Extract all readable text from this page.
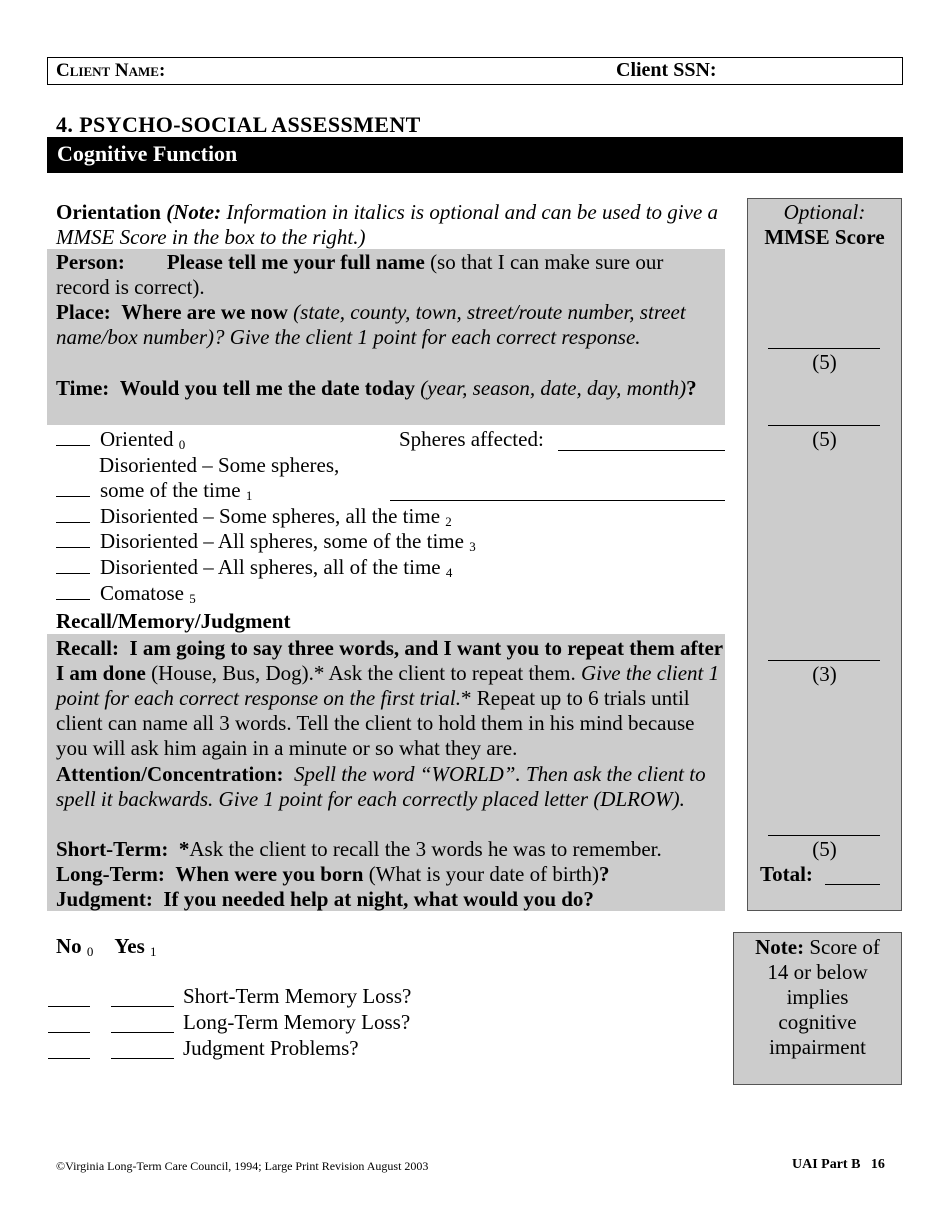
Client Name:	Client SSN:
4. PSYCHO-SOCIAL ASSESSMENT
Cognitive Function
Optional:
MMSE Score
(5)
(5)
(3)
(5)
Total:
Orientation (Note: Information in italics is optional and can be used to give a MMSE Score in the box to the right.)
Person: Please tell me your full name (so that I can make sure our record is correct).
Place: Where are we now (state, county, town, street/route number, street name/box number)? Give the client 1 point for each correct response.
Time: Would you tell me the date today (year, season, date, day, month)?
Oriented $_0$	Spheres affected:
Disoriented – Some spheres,
some of the time $_1$
Disoriented – Some spheres, all the time $_2$
Disoriented – All spheres, some of the time $_3$
Disoriented – All spheres, all of the time $_4$
Comatose $_5$
Recall/Memory/Judgment
Recall: I am going to say three words, and I want you to repeat them after I am done (House, Bus, Dog).* Ask the client to repeat them. Give the client 1 point for each correct response on the first trial.* Repeat up to 6 trials until client can name all 3 words. Tell the client to hold them in his mind because you will ask him again in a minute or so what they are.
Attention/Concentration: Spell the word “WORLD”. Then ask the client to spell it backwards. Give 1 point for each correctly placed letter (DLROW).
Short-Term: *Ask the client to recall the 3 words he was to remember.
Long-Term: When were you born (What is your date of birth)?
Judgment: If you needed help at night, what would you do?
No $_0$ Yes $_1$
Short-Term Memory Loss?
Long-Term Memory Loss?
Judgment Problems?
Note: Score of
14 or below
implies
cognitive
impairment
©Virginia Long-Term Care Council, 1994; Large Print Revision August 2003	UAI Part B   16
